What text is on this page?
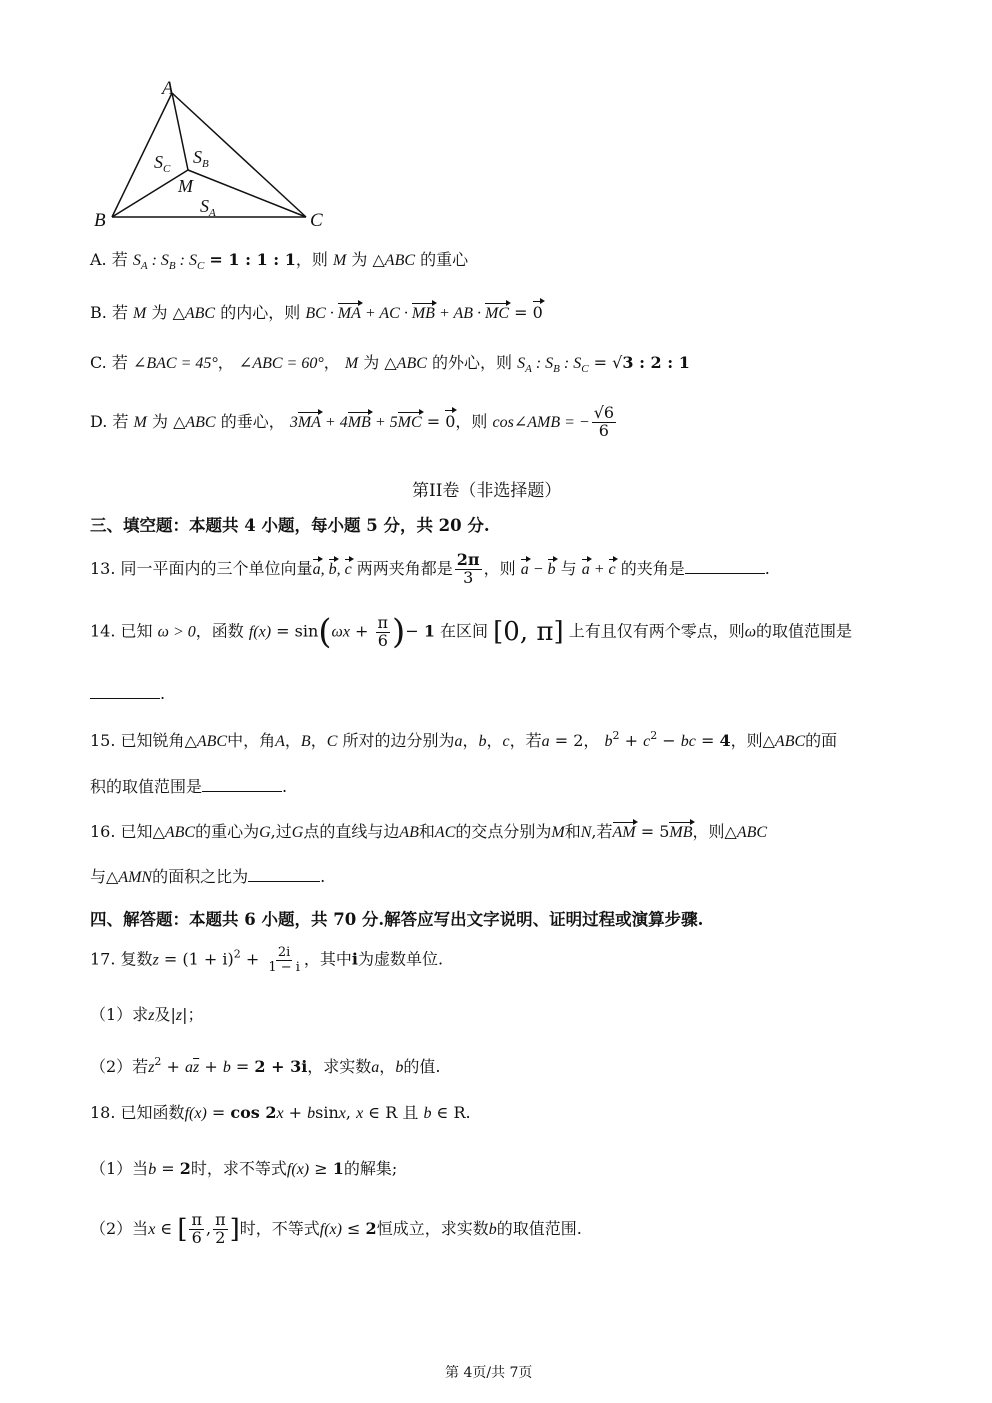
A
B	C
M
$S_C$
$S_B$
$S_A$
A. 若 $S_A$ : $S_B$ : $S_C = 1$ : 1 : 1，则 M 为 △ABC 的重心
B. 若 M 为 △ABC 的内心，则 BC · MA + AC · MB + AB · MC = 0
C. 若 ∠BAC = 45°， ∠ABC = 60°， M 为 △ABC 的外心，则 $S_A$ : $S_B$ : $S_C = √3$ : 2 : 1
D. 若 M 为 △ABC 的垂心， 3MA + 4MB + 5MC = 0，则 cos∠AMB = − $\frac{√6}{6}$
第II卷（非选择题）
三、填空题：本题共 4 小题，每小题 5 分，共 20 分.
13. 同一平面内的三个单位向量a, b, c 两两夹角都是 $\frac{2\pi}{3}$ ，则 a − b 与 a + c 的夹角是	.
14. 已知 ω > 0，函数 $f(x) = \sin(\omega x + \frac{\pi}{6}$ )− 1 在区间 [0, π] 上有且仅有两个零点，则ω的取值范围是
.
15. 已知锐角△ABC中，角A，B，C 所对的边分别为a，b，c，若a = 2， $b^2 + c^2$ − bc = 4，则△ABC的面
积的取值范围是	.
16. 已知△ABC的重心为G,过G点的直线与边AB和AC的交点分别为M和N,若AM = 5MB，则△ABC
与△AMN的面积之比为	.
四、解答题：本题共 6 小题，共 70 分.解答应写出文字说明、证明过程或演算步骤.
17. 复数$z = (1 + i)^2 + \frac{2i}{1 - i}$ ，其中i为虚数单位.
（1）求z及|z|；
（2）若$z^2 + a\overline{z} + b = 2 + 3i$，求实数a，b的值.
18. 已知函数f(x) = cos 2x + bsinx, x ∈ R 且 b ∈ R.
（1）当b = 2时，求不等式f(x) ≥ 1的解集;
（2）当x ∈ [ $\frac{\pi}{6}$ , $\frac{\pi}{2}$ ]时，不等式f(x) ≤ 2恒成立，求实数b的取值范围.
第 4页/共 7页
